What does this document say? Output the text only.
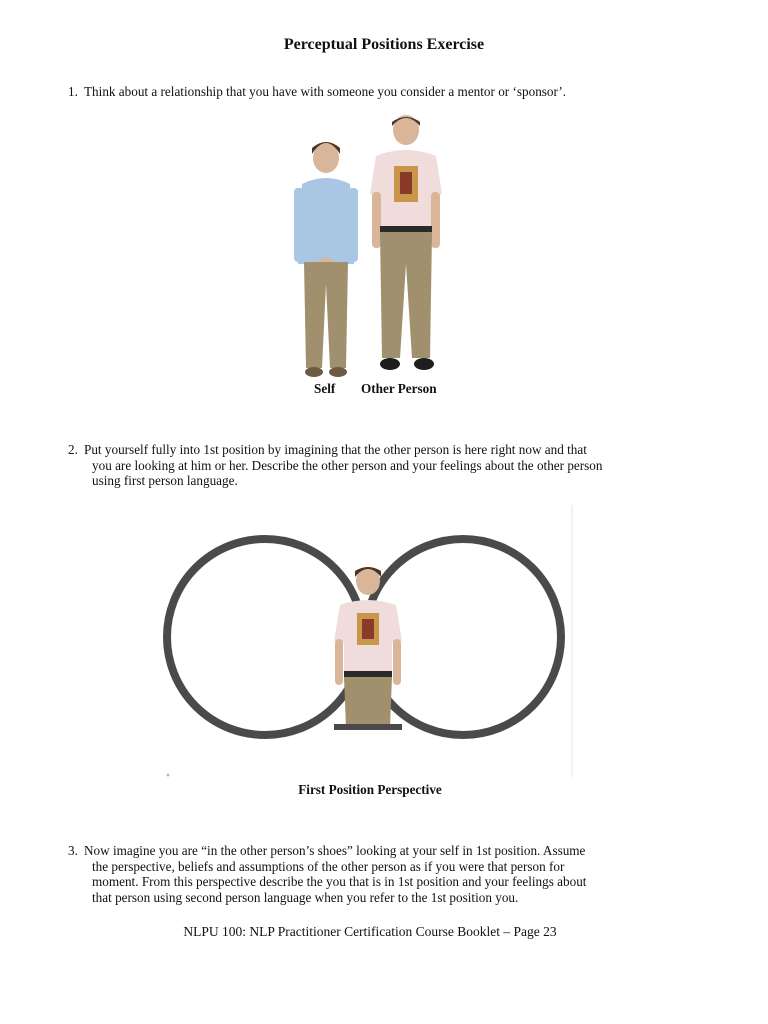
Perceptual Positions Exercise
1. Think about a relationship that you have with someone you consider a mentor or ‘sponsor’.
Self Other Person
2. Put yourself fully into 1st position by imagining that the other person is here right now and that
you are looking at him or her. Describe the other person and your feelings about the other person
using first person language.
First Position Perspective
3. Now imagine you are “in the other person’s shoes” looking at your self in 1st position. Assume
the perspective, beliefs and assumptions of the other person as if you were that person for
moment. From this perspective describe the you that is in 1st position and your feelings about
that person using second person language when you refer to the 1st position you.
NLPU 100: NLP Practitioner Certification Course Booklet – Page 23
